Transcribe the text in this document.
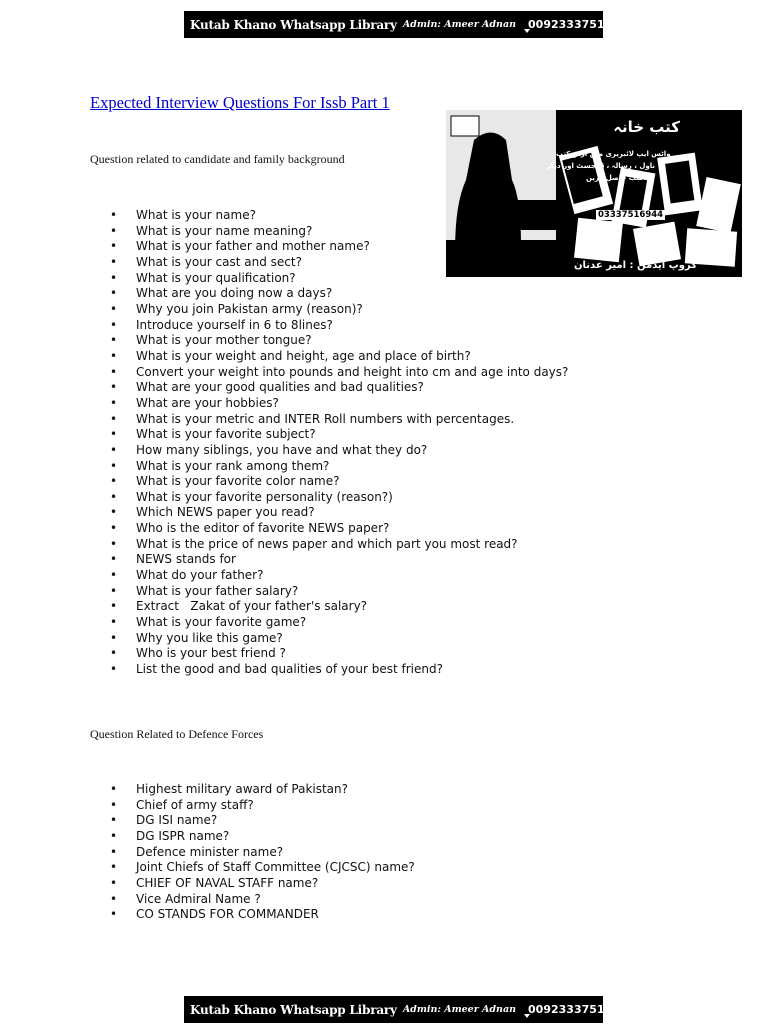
Kutab Khano Whatsapp Library Admin: Ameer Adnan 00923337516944
Expected Interview Questions For Issb Part 1
Question related to candidate and family background
کتب خانہ
واٹس ایپ لائبریری میں اردو کتب
ناول ، رسالہ ، ڈائجسٹ اور دیگر
کتب حاصل کریں
03337516944
گروپ ایڈمن : امیر عدنان
• What is your name?
• What is your name meaning?
• What is your father and mother name?
• What is your cast and sect?
• What is your qualification?
• What are you doing now a days?
• Why you join Pakistan army (reason)?
• Introduce yourself in 6 to 8lines?
• What is your mother tongue?
• What is your weight and height, age and place of birth?
• Convert your weight into pounds and height into cm and age into days?
• What are your good qualities and bad qualities?
• What are your hobbies?
• What is your metric and INTER Roll numbers with percentages.
• What is your favorite subject?
• How many siblings, you have and what they do?
• What is your rank among them?
• What is your favorite color name?
• What is your favorite personality (reason?)
• Which NEWS paper you read?
• Who is the editor of favorite NEWS paper?
• What is the price of news paper and which part you most read?
• NEWS stands for
• What do your father?
• What is your father salary?
• Extract   Zakat of your father's salary?
• What is your favorite game?
• Why you like this game?
• Who is your best friend ?
• List the good and bad qualities of your best friend?
Question Related to Defence Forces
• Highest military award of Pakistan?
• Chief of army staff?
• DG ISI name?
• DG ISPR name?
• Defence minister name?
• Joint Chiefs of Staff Committee (CJCSC) name?
• CHIEF OF NAVAL STAFF name?
• Vice Admiral Name ?
• CO STANDS FOR COMMANDER
Kutab Khano Whatsapp Library Admin: Ameer Adnan 00923337516944
